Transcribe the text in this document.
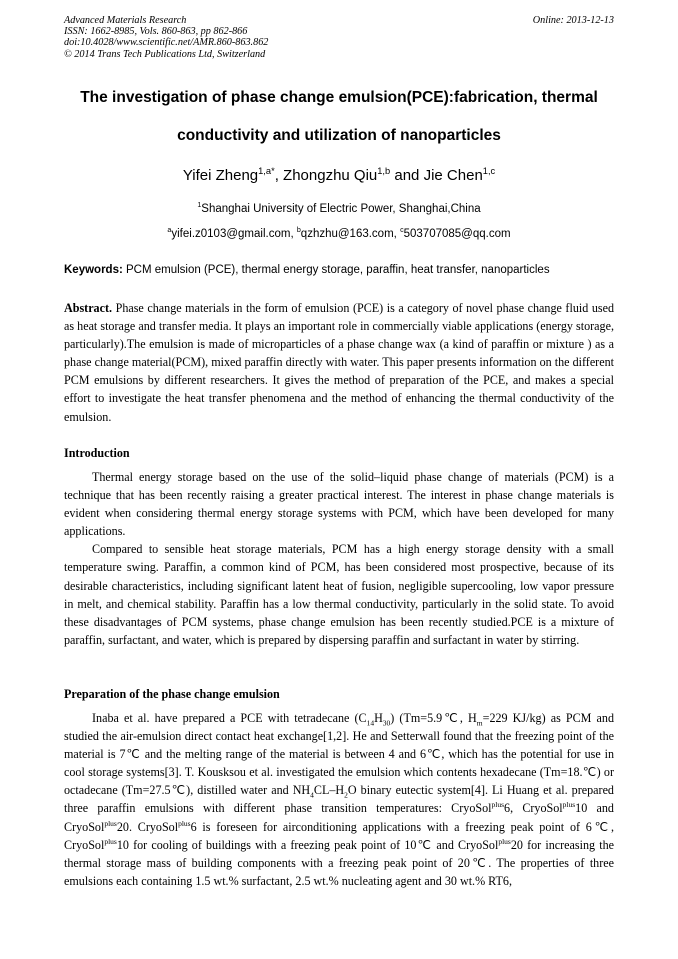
Advanced Materials Research
ISSN: 1662-8985, Vols. 860-863, pp 862-866
doi:10.4028/www.scientific.net/AMR.860-863.862
© 2014 Trans Tech Publications Ltd, Switzerland
Online: 2013-12-13
The investigation of phase change emulsion(PCE):fabrication, thermal
conductivity and utilization of nanoparticles
Yifei Zheng$^{1,a*}$, Zhongzhu Qiu$^{1,b}$ and Jie Chen$^{1,c}$
$^1$Shanghai University of Electric Power, Shanghai,China
$^a$yifei.z0103@gmail.com, $^b$qzhzhu@163.com, $^c$503707085@qq.com
Keywords: PCM emulsion (PCE), thermal energy storage, paraffin, heat transfer, nanoparticles

Abstract. Phase change materials in the form of emulsion (PCE) is a category of novel phase change fluid used as heat storage and transfer media. It plays an important role in commercially viable applications (energy storage, particularly).The emulsion is made of microparticles of a phase change wax (a kind of paraffin or mixture ) as a phase change material(PCM), mixed paraffin directly with water. This paper presents information on the different PCM emulsions by different researchers. It gives the method of preparation of the PCE, and makes a special effort to investigate the heat transfer phenomena and the method of enhancing the thermal conductivity of the emulsion.

Introduction

Thermal energy storage based on the use of the solid–liquid phase change of materials (PCM) is a technique that has been recently raising a greater practical interest. The interest in phase change materials is evident when considering thermal energy storage systems with PCM, which have been developed for many applications.

Compared to sensible heat storage materials, PCM has a high energy storage density with a small temperature swing. Paraffin, a common kind of PCM, has been considered most prospective, because of its desirable characteristics, including significant latent heat of fusion, negligible supercooling, low vapor pressure in melt, and chemical stability. Paraffin has a low thermal conductivity, particularly in the solid state. To avoid these disadvantages of PCM systems, phase change emulsion has been recently studied.PCE is a mixture of paraffin, surfactant, and water, which is prepared by dispersing paraffin and surfactant in water by stirring.

Preparation of the phase change emulsion

Inaba et al. have prepared a PCE with tetradecane $(C_{14}H_{30})$ (Tm=5.9℃, $H_m=229$ KJ/kg) as PCM and studied the air-emulsion direct contact heat exchange[1,2]. He and Setterwall found that the freezing point of the material is 7℃ and the melting range of the material is between 4 and 6℃, which has the potential for use in cool storage systems[3]. T. Kousksou et al. investigated the emulsion which contents hexadecane (Tm=18.℃) or octadecane (Tm=27.5℃), distilled water and $NH_4CL-H_2O$ binary eutectic system[4]. Li Huang et al. prepared three paraffin emulsions with different phase transition temperatures: CryoSol$^{plus}$6, CryoSol$^{plus}$10 and CryoSol$^{plus}$20. CryoSol$^{plus}$6 is foreseen for airconditioning applications with a freezing peak point of 6℃, CryoSol$^{plus}$10 for cooling of buildings with a freezing peak point of 10℃ and CryoSol$^{plus}$20 for increasing the thermal storage mass of building components with a freezing peak point of 20℃. The properties of three emulsions each containing 1.5 wt.% surfactant, 2.5 wt.% nucleating agent and 30 wt.% RT6,
